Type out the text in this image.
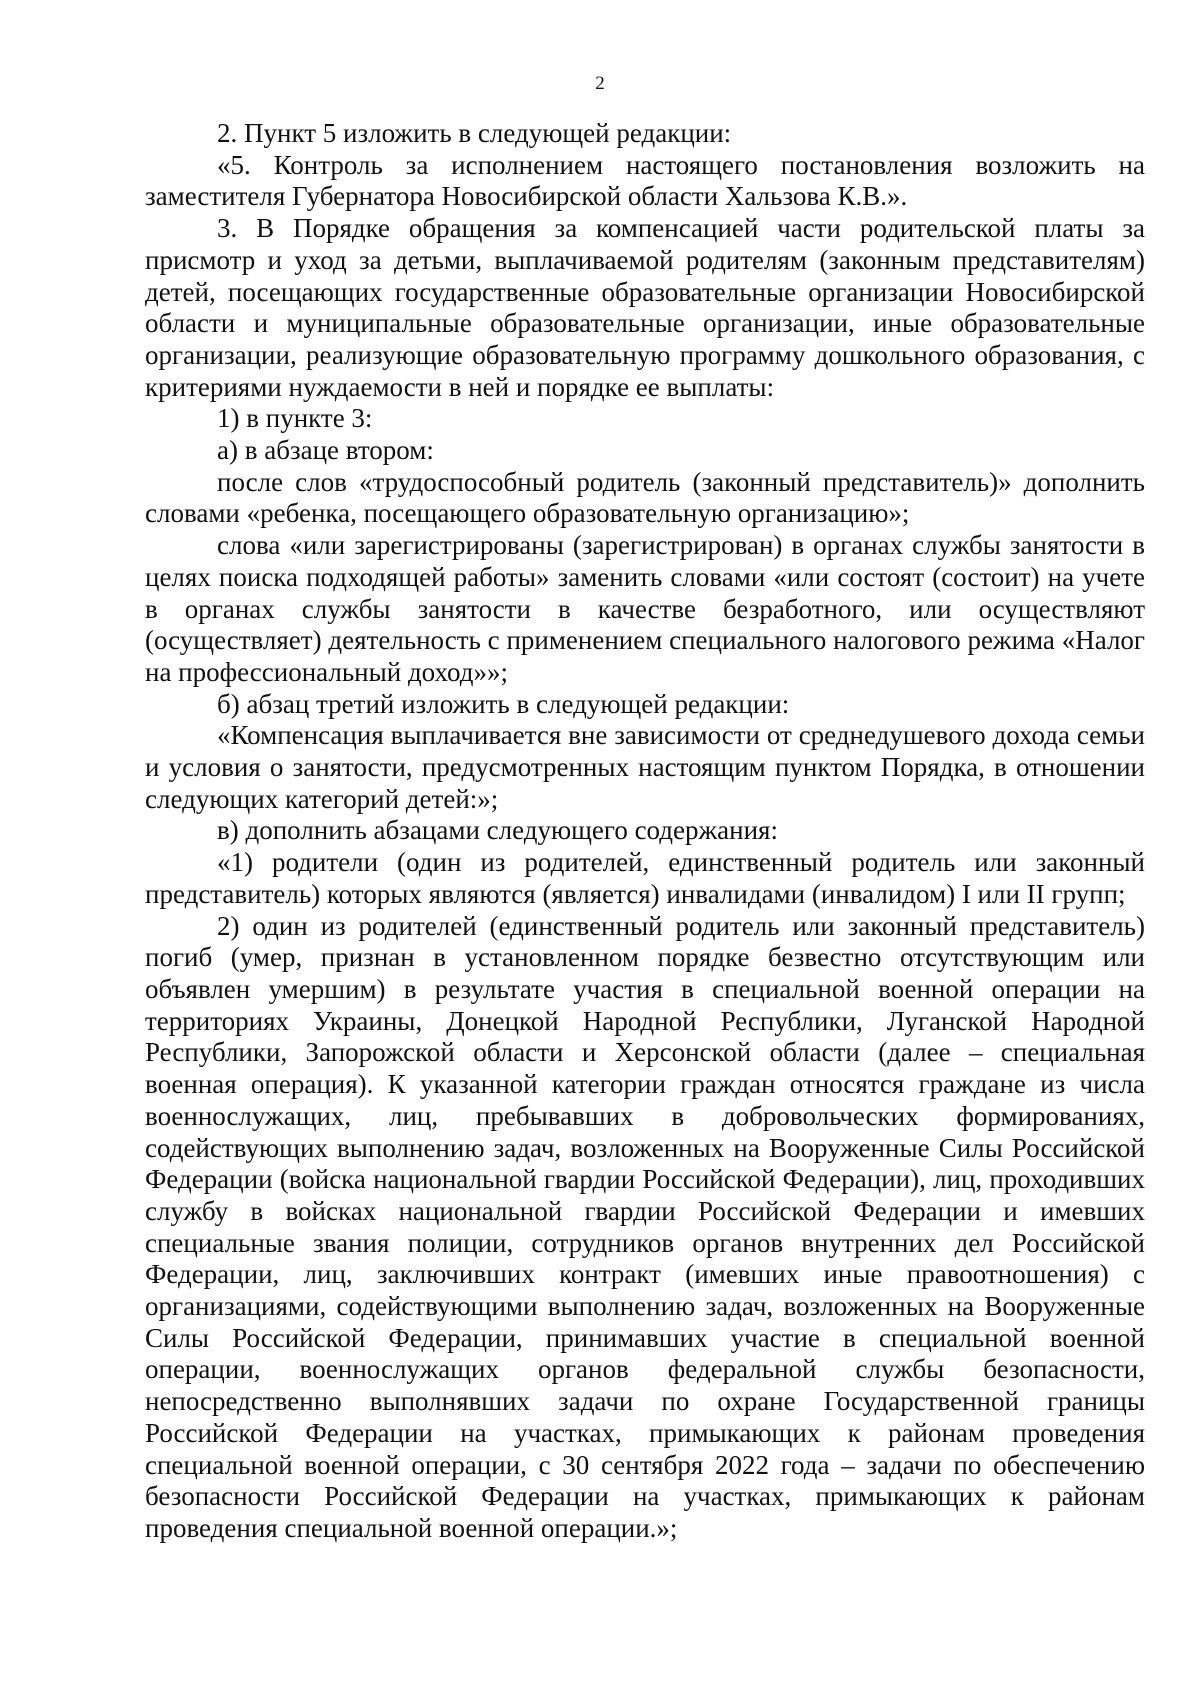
2

2. Пункт 5 изложить в следующей редакции:

«5. Контроль за исполнением настоящего постановления возложить на заместителя Губернатора Новосибирской области Хальзова К.В.».

3. В Порядке обращения за компенсацией части родительской платы за присмотр и уход за детьми, выплачиваемой родителям (законным представителям) детей, посещающих государственные образовательные организации Новосибирской области и муниципальные образовательные организации, иные образовательные организации, реализующие образовательную программу дошкольного образования, с критериями нуждаемости в ней и порядке ее выплаты:

1) в пункте 3:

а) в абзаце втором:

после слов «трудоспособный родитель (законный представитель)» дополнить словами «ребенка, посещающего образовательную организацию»;

слова «или зарегистрированы (зарегистрирован) в органах службы занятости в целях поиска подходящей работы» заменить словами «или состоят (состоит) на учете в органах службы занятости в качестве безработного, или осуществляют (осуществляет) деятельность с применением специального налогового режима «Налог на профессиональный доход»»;

б) абзац третий изложить в следующей редакции:

«Компенсация выплачивается вне зависимости от среднедушевого дохода семьи и условия о занятости, предусмотренных настоящим пунктом Порядка, в отношении следующих категорий детей:»;

в) дополнить абзацами следующего содержания:

«1) родители (один из родителей, единственный родитель или законный представитель) которых являются (является) инвалидами (инвалидом) I или II групп;

2) один из родителей (единственный родитель или законный представитель) погиб (умер, признан в установленном порядке безвестно отсутствующим или объявлен умершим) в результате участия в специальной военной операции на территориях Украины, Донецкой Народной Республики, Луганской Народной Республики, Запорожской области и Херсонской области (далее – специальная военная операция). К указанной категории граждан относятся граждане из числа военнослужащих, лиц, пребывавших в добровольческих формированиях, содействующих выполнению задач, возложенных на Вооруженные Силы Российской Федерации (войска национальной гвардии Российской Федерации), лиц, проходивших службу в войсках национальной гвардии Российской Федерации и имевших специальные звания полиции, сотрудников органов внутренних дел Российской Федерации, лиц, заключивших контракт (имевших иные правоотношения) с организациями, содействующими выполнению задач, возложенных на Вооруженные Силы Российской Федерации, принимавших участие в специальной военной операции, военнослужащих органов федеральной службы безопасности, непосредственно выполнявших задачи по охране Государственной границы Российской Федерации на участках, примыкающих к районам проведения специальной военной операции, с 30 сентября 2022 года – задачи по обеспечению безопасности Российской Федерации на участках, примыкающих к районам проведения специальной военной операции.»;
